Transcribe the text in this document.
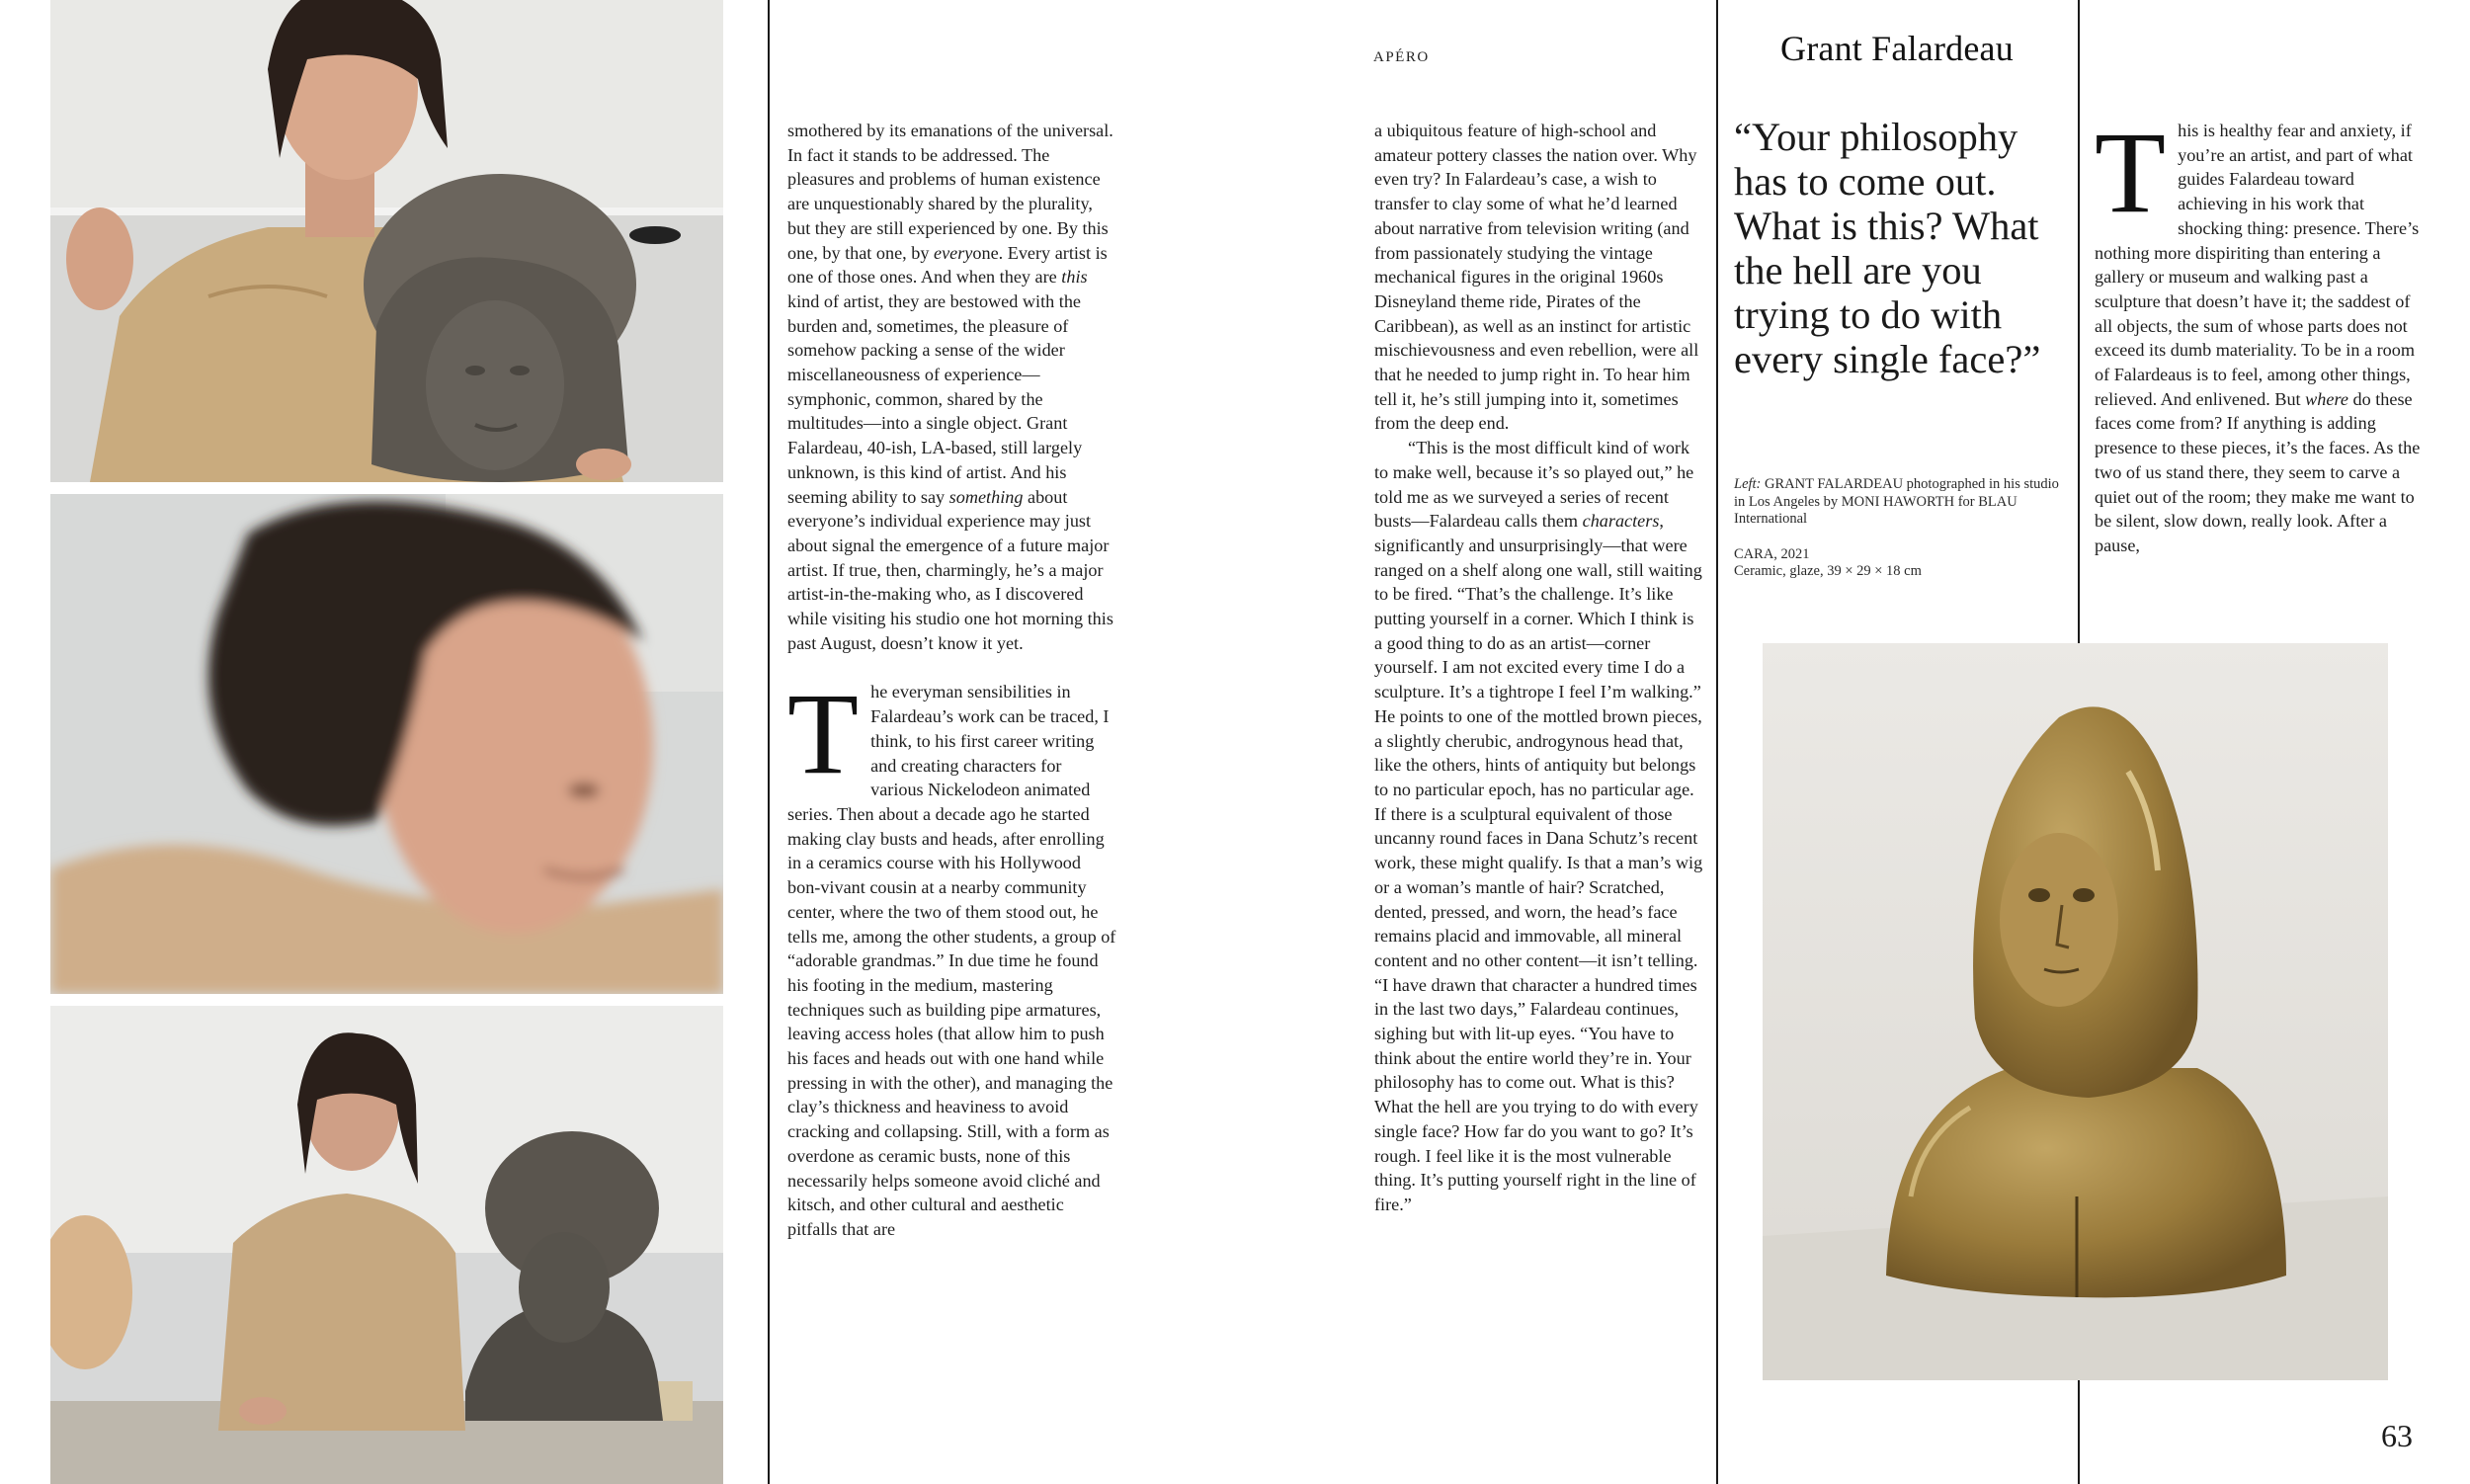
APÉRO	Grant Falardeau

smothered by its emanations of the universal. In fact it stands to be addressed. The pleasures and problems of human existence are unquestionably shared by the plurality, but they are still experienced by one. By this one, by that one, by everyone. Every artist is one of those ones. And when they are this kind of artist, they are bestowed with the burden and, sometimes, the pleasure of somehow packing a sense of the wider miscellaneousness of experience—symphonic, common, shared by the multitudes—into a single object. Grant Falardeau, 40-ish, LA-based, still largely unknown, is this kind of artist. And his seeming ability to say something about everyone’s individual experience may just about signal the emergence of a future major artist. If true, then, charmingly, he’s a major artist-in-the-making who, as I discovered while visiting his studio one hot morning this past August, doesn’t know it yet.

The everyman sensibilities in Falardeau’s work can be traced, I think, to his first career writing and creating characters for various Nickelodeon animated series. Then about a decade ago he started making clay busts and heads, after enrolling in a ceramics course with his Hollywood bon-vivant cousin at a nearby community center, where the two of them stood out, he tells me, among the other students, a group of “adorable grandmas.” In due time he found his footing in the medium, mastering techniques such as building pipe armatures, leaving access holes (that allow him to push his faces and heads out with one hand while pressing in with the other), and managing the clay’s thickness and heaviness to avoid cracking and collapsing. Still, with a form as overdone as ceramic busts, none of this necessarily helps someone avoid cliché and kitsch, and other cultural and aesthetic pitfalls that are

a ubiquitous feature of high-school and amateur pottery classes the nation over. Why even try? In Falardeau’s case, a wish to transfer to clay some of what he’d learned about narrative from television writing (and from passionately studying the vintage mechanical figures in the original 1960s Disneyland theme ride, Pirates of the Caribbean), as well as an instinct for artistic mischievousness and even rebellion, were all that he needed to jump right in. To hear him tell it, he’s still jumping into it, sometimes from the deep end.

“This is the most difficult kind of work to make well, because it’s so played out,” he told me as we surveyed a series of recent busts—Falardeau calls them characters, significantly and unsurprisingly—that were ranged on a shelf along one wall, still waiting to be fired. “That’s the challenge. It’s like putting yourself in a corner. Which I think is a good thing to do as an artist—corner yourself. I am not excited every time I do a sculpture. It’s a tightrope I feel I’m walking.” He points to one of the mottled brown pieces, a slightly cherubic, androgynous head that, like the others, hints of antiquity but belongs to no particular epoch, has no particular age. If there is a sculptural equivalent of those uncanny round faces in Dana Schutz’s recent work, these might qualify. Is that a man’s wig or a woman’s mantle of hair? Scratched, dented, pressed, and worn, the head’s face remains placid and immovable, all mineral content and no other content—it isn’t telling. “I have drawn that character a hundred times in the last two days,” Falardeau continues, sighing but with lit-up eyes. “You have to think about the entire world they’re in. Your philosophy has to come out. What is this? What the hell are you trying to do with every single face? How far do you want to go? It’s rough. I feel like it is the most vulnerable thing. It’s putting yourself right in the line of fire.”

“Your philosophy has to come out. What is this? What the hell are you trying to do with every single face?”

Left: GRANT FALARDEAU photographed in his studio in Los Angeles by MONI HAWORTH for BLAU International

CARA, 2021
Ceramic, glaze, 39 × 29 × 18 cm

This is healthy fear and anxiety, if you’re an artist, and part of what guides Falardeau toward achieving in his work that shocking thing: presence. There’s nothing more dispiriting than entering a gallery or museum and walking past a sculpture that doesn’t have it; the saddest of all objects, the sum of whose parts does not exceed its dumb materiality. To be in a room of Falardeaus is to feel, among other things, relieved. And enlivened. But where do these faces come from? If anything is adding presence to these pieces, it’s the faces. As the two of us stand there, they seem to carve a quiet out of the room; they make me want to be silent, slow down, really look. After a pause,

63
